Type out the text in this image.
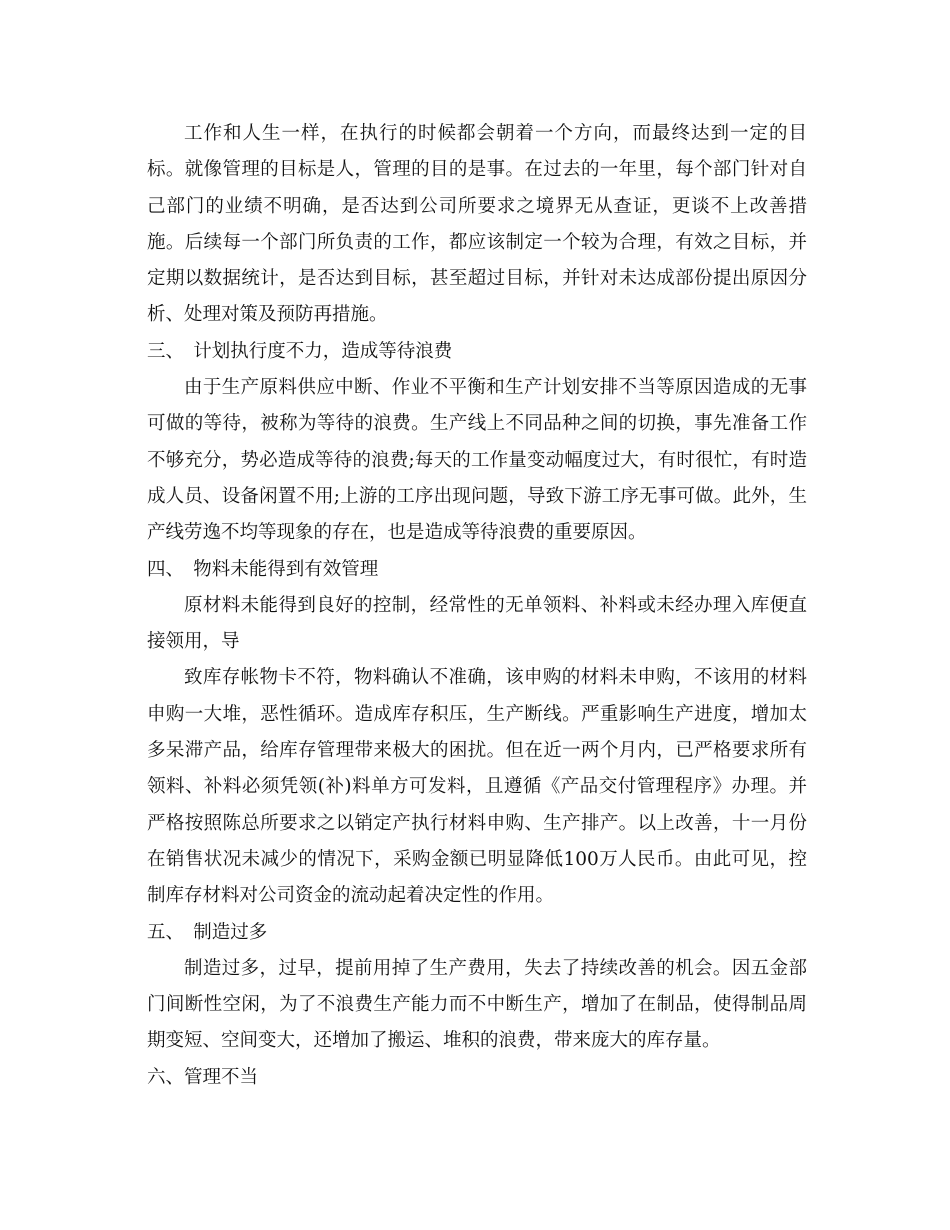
工作和人生一样，在执行的时候都会朝着一个方向，而最终达到一定的目标。就像管理的目标是人，管理的目的是事。在过去的一年里，每个部门针对自己部门的业绩不明确，是否达到公司所要求之境界无从查证，更谈不上改善措施。后续每一个部门所负责的工作，都应该制定一个较为合理，有效之目标，并定期以数据统计，是否达到目标，甚至超过目标，并针对未达成部份提出原因分析、处理对策及预防再措施。

三、　计划执行度不力，造成等待浪费

由于生产原料供应中断、作业不平衡和生产计划安排不当等原因造成的无事可做的等待，被称为等待的浪费。生产线上不同品种之间的切换，事先准备工作不够充分，势必造成等待的浪费;每天的工作量变动幅度过大，有时很忙，有时造成人员、设备闲置不用;上游的工序出现问题，导致下游工序无事可做。此外，生产线劳逸不均等现象的存在，也是造成等待浪费的重要原因。

四、　物料未能得到有效管理

原材料未能得到良好的控制，经常性的无单领料、补料或未经办理入库便直接领用，导

致库存帐物卡不符，物料确认不准确，该申购的材料未申购，不该用的材料申购一大堆，恶性循环。造成库存积压，生产断线。严重影响生产进度，增加太多呆滞产品，给库存管理带来极大的困扰。但在近一两个月内，已严格要求所有领料、补料必须凭领(补)料单方可发料，且遵循《产品交付管理程序》办理。并严格按照陈总所要求之以销定产执行材料申购、生产排产。以上改善，十一月份在销售状况未减少的情况下，采购金额已明显降低100万人民币。由此可见，控制库存材料对公司资金的流动起着决定性的作用。

五、　制造过多

制造过多，过早，提前用掉了生产费用，失去了持续改善的机会。因五金部门间断性空闲，为了不浪费生产能力而不中断生产，增加了在制品，使得制品周期变短、空间变大，还增加了搬运、堆积的浪费，带来庞大的库存量。

六、管理不当
